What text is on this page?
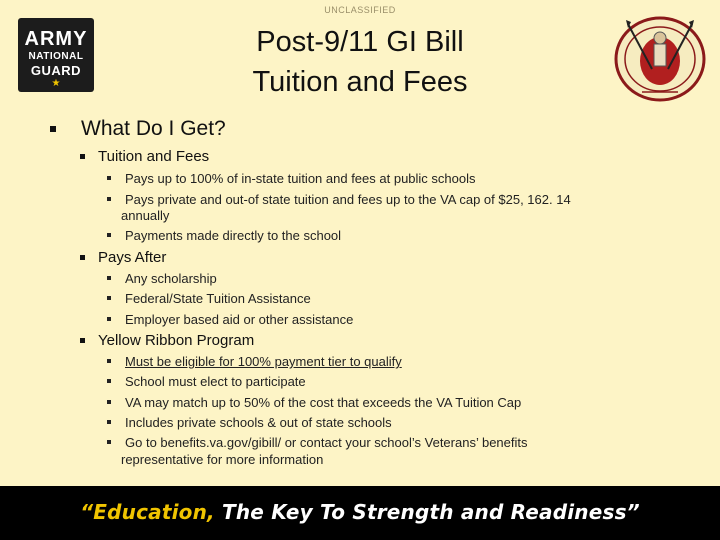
UNCLASSIFIED
ARMY
NATIONAL
GUARD
★
Post-9/11 GI Bill
Tuition and Fees
What Do I Get?
Tuition and Fees
Pays up to 100% of in-state tuition and fees at public schools
Pays private and out-of state tuition and fees up to the VA cap of $25, 162. 14
annually
Payments made directly to the school
Pays After
Any scholarship
Federal/State Tuition Assistance
Employer based aid or other assistance
Yellow Ribbon Program
Must be eligible for 100% payment tier to qualify
School must elect to participate
VA may match up to 50% of the cost that exceeds the VA Tuition Cap
Includes private schools & out of state schools
Go to benefits.va.gov/gibill/ or contact your school’s Veterans’ benefits
representative for more information
“Education, The Key To Strength and Readiness”
